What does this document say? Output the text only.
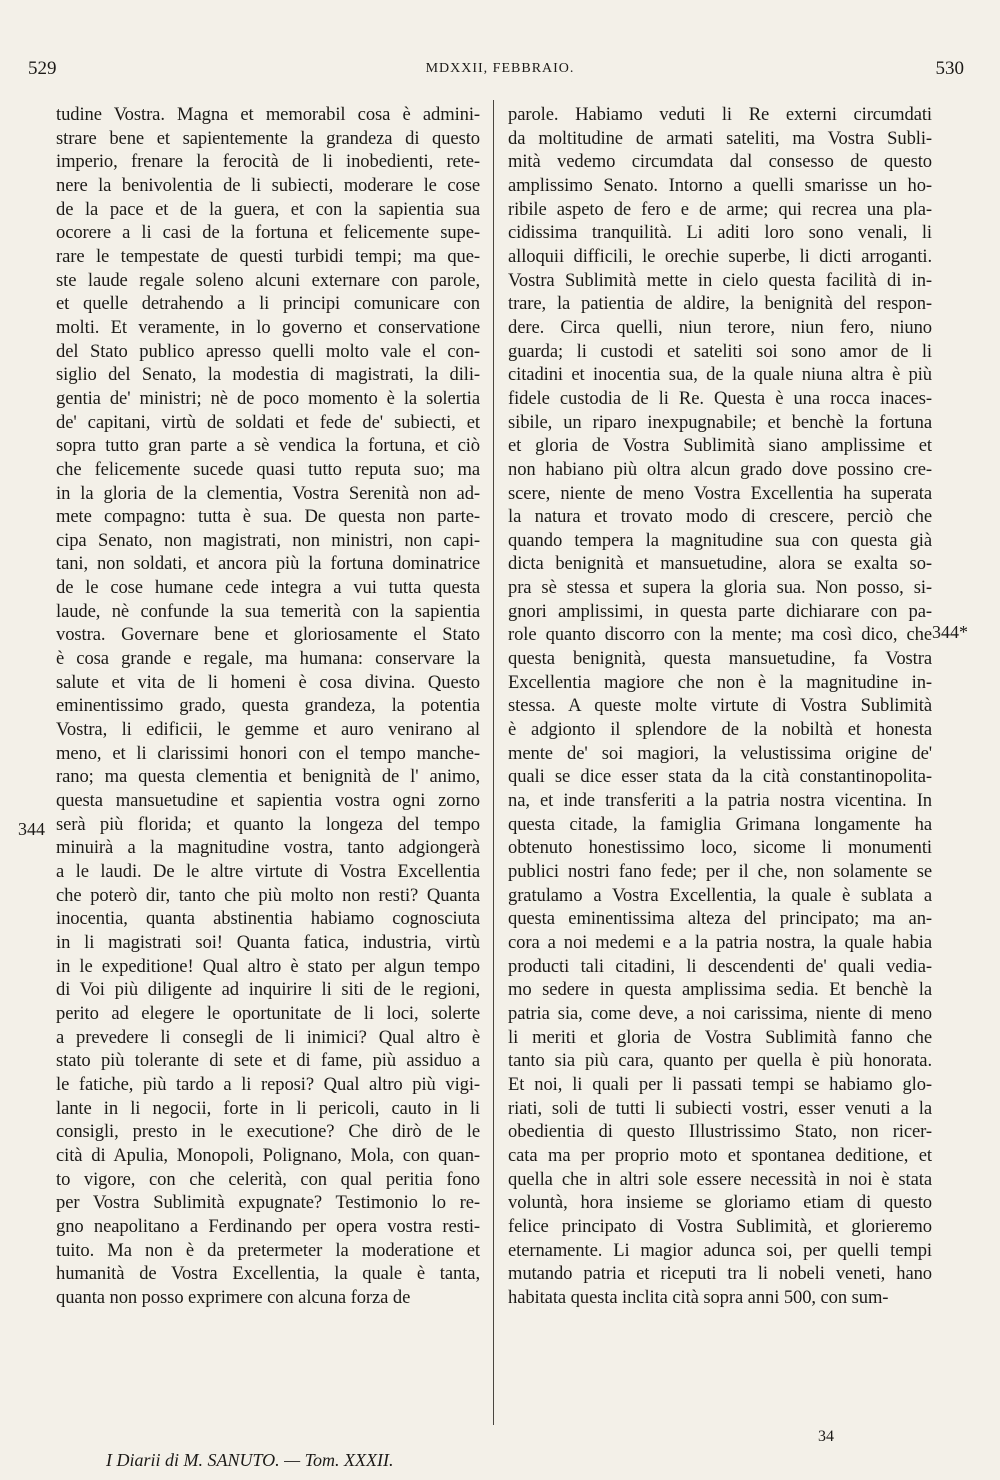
529	MDXXII, FEBBRAIO.	530
344
344*

tudine Vostra. Magna et memorabil cosa è admini-

strare bene et sapientemente la grandeza di questo

imperio, frenare la ferocità de li inobedienti, rete-

nere la benivolentia de li subiecti, moderare le cose

de la pace et de la guera, et con la sapientia sua

ocorere a li casi de la fortuna et felicemente supe-

rare le tempestate de questi turbidi tempi; ma que-

ste laude regale soleno alcuni externare con parole,

et quelle detrahendo a li principi comunicare con

molti. Et veramente, in lo governo et conservatione

del Stato publico apresso quelli molto vale el con-

siglio del Senato, la modestia di magistrati, la dili-

gentia de' ministri; nè de poco momento è la solertia

de' capitani, virtù de soldati et fede de' subiecti, et

sopra tutto gran parte a sè vendica la fortuna, et ciò

che felicemente sucede quasi tutto reputa suo; ma

in la gloria de la clementia, Vostra Serenità non ad-

mete compagno: tutta è sua. De questa non parte-

cipa Senato, non magistrati, non ministri, non capi-

tani, non soldati, et ancora più la fortuna dominatrice

de le cose humane cede integra a vui tutta questa

laude, nè confunde la sua temerità con la sapientia

vostra. Governare bene et gloriosamente el Stato

è cosa grande e regale, ma humana: conservare la

salute et vita de li homeni è cosa divina. Questo

eminentissimo grado, questa grandeza, la potentia

Vostra, li edificii, le gemme et auro venirano al

meno, et li clarissimi honori con el tempo manche-

rano; ma questa clementia et benignità de l' animo,

questa mansuetudine et sapientia vostra ogni zorno

serà più florida; et quanto la longeza del tempo

minuirà a la magnitudine vostra, tanto adgiongerà

a le laudi. De le altre virtute di Vostra Excellentia

che poterò dir, tanto che più molto non resti? Quanta

inocentia, quanta abstinentia habiamo cognosciuta

in li magistrati soi! Quanta fatica, industria, virtù

in le expeditione! Qual altro è stato per algun tempo

di Voi più diligente ad inquirire li siti de le regioni,

perito ad elegere le oportunitate de li loci, solerte

a prevedere li consegli de li inimici? Qual altro è

stato più tolerante di sete et di fame, più assiduo a

le fatiche, più tardo a li reposi? Qual altro più vigi-

lante in li negocii, forte in li pericoli, cauto in li

consigli, presto in le executione? Che dirò de le

cità di Apulia, Monopoli, Polignano, Mola, con quan-

to vigore, con che celerità, con qual peritia fono

per Vostra Sublimità expugnate? Testimonio lo re-

gno neapolitano a Ferdinando per opera vostra resti-

tuito. Ma non è da pretermeter la moderatione et

humanità de Vostra Excellentia, la quale è tanta,

quanta non posso exprimere con alcuna forza de

parole. Habiamo veduti li Re externi circumdati

da moltitudine de armati sateliti, ma Vostra Subli-

mità vedemo circumdata dal consesso de questo

amplissimo Senato. Intorno a quelli smarisse un ho-

ribile aspeto de fero e de arme; qui recrea una pla-

cidissima tranquilità. Li aditi loro sono venali, li

alloquii difficili, le orechie superbe, li dicti arroganti.

Vostra Sublimità mette in cielo questa facilità di in-

trare, la patientia de aldire, la benignità del respon-

dere. Circa quelli, niun terore, niun fero, niuno

guarda; li custodi et sateliti soi sono amor de li

citadini et inocentia sua, de la quale niuna altra è più

fidele custodia de li Re. Questa è una rocca inaces-

sibile, un riparo inexpugnabile; et benchè la fortuna

et gloria de Vostra Sublimità siano amplissime et

non habiano più oltra alcun grado dove possino cre-

scere, niente de meno Vostra Excellentia ha superata

la natura et trovato modo di crescere, perciò che

quando tempera la magnitudine sua con questa già

dicta benignità et mansuetudine, alora se exalta so-

pra sè stessa et supera la gloria sua. Non posso, si-

gnori amplissimi, in questa parte dichiarare con pa-

role quanto discorro con la mente; ma così dico, che

questa benignità, questa mansuetudine, fa Vostra

Excellentia magiore che non è la magnitudine in-

stessa. A queste molte virtute di Vostra Sublimità

è adgionto il splendore de la nobiltà et honesta

mente de' soi magiori, la velustissima origine de'

quali se dice esser stata da la cità constantinopolita-

na, et inde transferiti a la patria nostra vicentina. In

questa citade, la famiglia Grimana longamente ha

obtenuto honestissimo loco, sicome li monumenti

publici nostri fano fede; per il che, non solamente se

gratulamo a Vostra Excellentia, la quale è sublata a

questa eminentissima alteza del principato; ma an-

cora a noi medemi e a la patria nostra, la quale habia

producti tali citadini, li descendenti de' quali vedia-

mo sedere in questa amplissima sedia. Et benchè la

patria sia, come deve, a noi carissima, niente di meno

li meriti et gloria de Vostra Sublimità fanno che

tanto sia più cara, quanto per quella è più honorata.

Et noi, li quali per li passati tempi se habiamo glo-

riati, soli de tutti li subiecti vostri, esser venuti a la

obedientia di questo Illustrissimo Stato, non ricer-

cata ma per proprio moto et spontanea deditione, et

quella che in altri sole essere necessità in noi è stata

voluntà, hora insieme se gloriamo etiam di questo

felice principato di Vostra Sublimità, et glorieremo

eternamente. Li magior adunca soi, per quelli tempi

mutando patria et riceputi tra li nobeli veneti, hano

habitata questa inclita cità sopra anni 500, con sum-

34
I Diarii di M. SANUTO. — Tom. XXXII.
